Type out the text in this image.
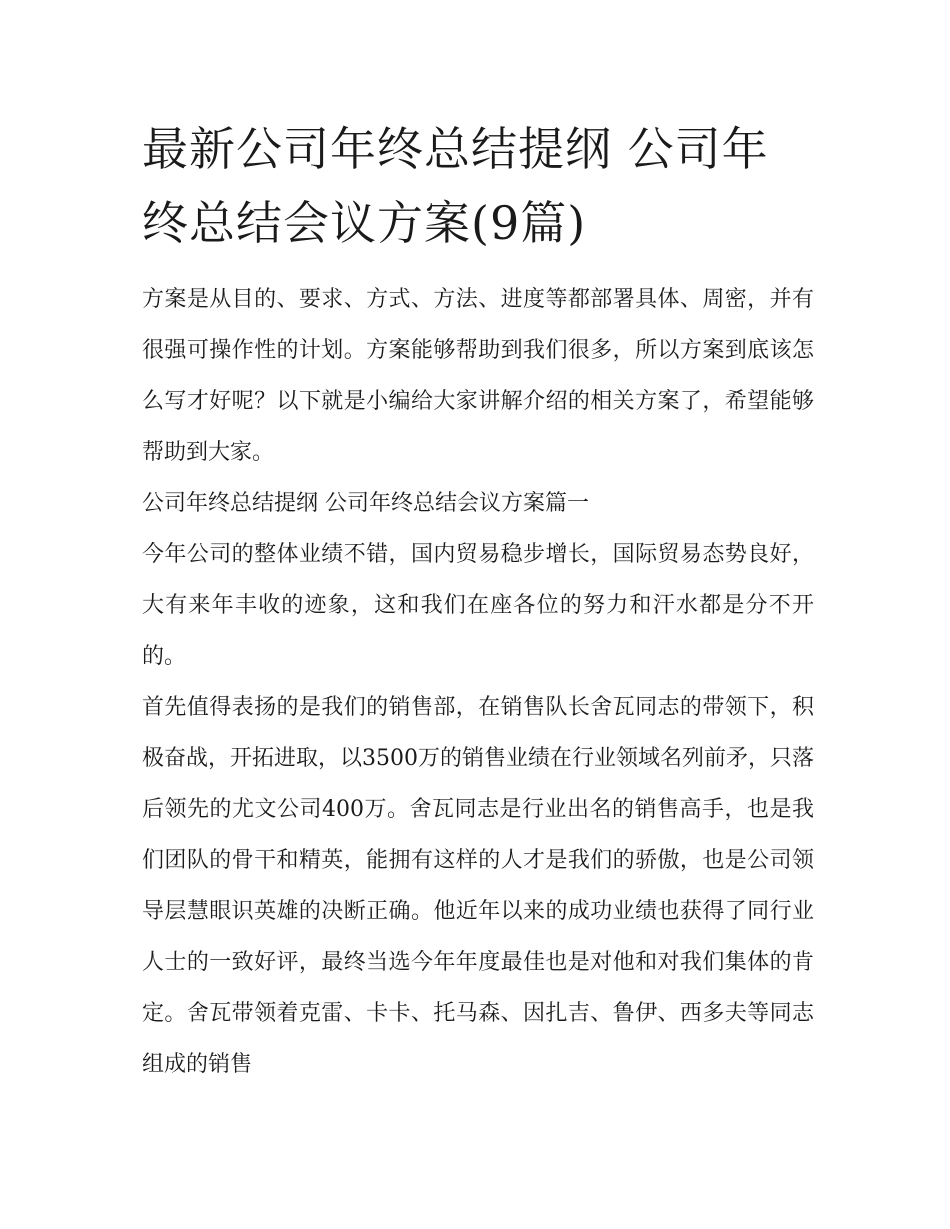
最新公司年终总结提纲 公司年终总结会议方案(9篇)

方案是从目的、要求、方式、方法、进度等都部署具体、周密，并有很强可操作性的计划。方案能够帮助到我们很多，所以方案到底该怎么写才好呢？以下就是小编给大家讲解介绍的相关方案了，希望能够帮助到大家。

公司年终总结提纲 公司年终总结会议方案篇一

今年公司的整体业绩不错，国内贸易稳步增长，国际贸易态势良好，大有来年丰收的迹象，这和我们在座各位的努力和汗水都是分不开的。

首先值得表扬的是我们的销售部，在销售队长舍瓦同志的带领下，积极奋战，开拓进取，以3500万的销售业绩在行业领域名列前矛，只落后领先的尤文公司400万。舍瓦同志是行业出名的销售高手，也是我们团队的骨干和精英，能拥有这样的人才是我们的骄傲，也是公司领导层慧眼识英雄的决断正确。他近年以来的成功业绩也获得了同行业人士的一致好评，最终当选今年年度最佳也是对他和对我们集体的肯定。舍瓦带领着克雷、卡卡、托马森、因扎吉、鲁伊、西多夫等同志组成的销售
